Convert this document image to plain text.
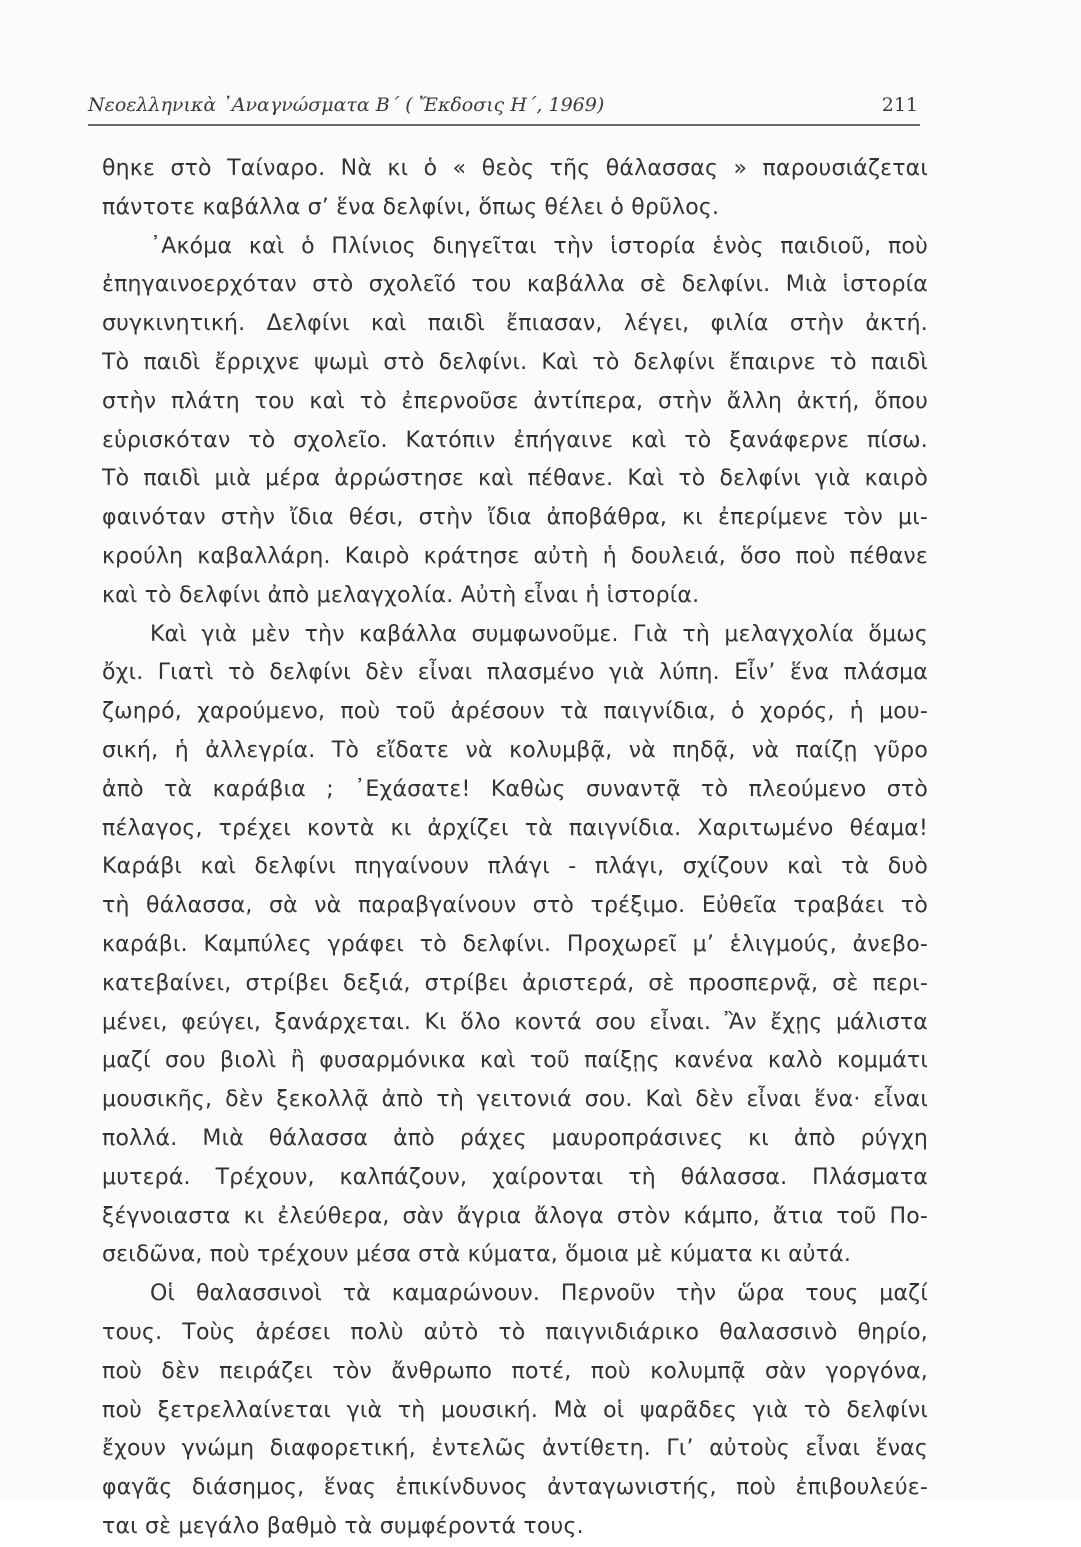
Νεοελληνικὰ ᾿Αναγνώσματα Β΄ ( Ἔκδοσις Η΄, 1969)	211
θηκε στὸ Ταίναρο. Νὰ κι ὁ « θεὸς τῆς θάλασσας » παρουσιάζεται
πάντοτε καβάλλα σ’ ἕνα δελφίνι, ὅπως θέλει ὁ θρῦλος.
᾿Ακόμα καὶ ὁ Πλίνιος διηγεῖται τὴν ἱστορία ἑνὸς παιδιοῦ, ποὺ
ἐπηγαινοερχόταν στὸ σχολεῖό του καβάλλα σὲ δελφίνι. Μιὰ ἱστορία
συγκινητική. Δελφίνι καὶ παιδὶ ἔπιασαν, λέγει, φιλία στὴν ἀκτή.
Τὸ παιδὶ ἔρριχνε ψωμὶ στὸ δελφίνι. Καὶ τὸ δελφίνι ἔπαιρνε τὸ παιδὶ
στὴν πλάτη του καὶ τὸ ἐπερνοῦσε ἀντίπερα, στὴν ἄλλη ἀκτή, ὅπου
εὑρισκόταν τὸ σχολεῖο. Κατόπιν ἐπήγαινε καὶ τὸ ξανάφερνε πίσω.
Τὸ παιδὶ μιὰ μέρα ἀρρώστησε καὶ πέθανε. Καὶ τὸ δελφίνι γιὰ καιρὸ
φαινόταν στὴν ἴδια θέσι, στὴν ἴδια ἀποβάθρα, κι ἐπερίμενε τὸν μι-
κρούλη καβαλλάρη. Καιρὸ κράτησε αὐτὴ ἡ δουλειά, ὅσο ποὺ πέθανε
καὶ τὸ δελφίνι ἀπὸ μελαγχολία. Αὐτὴ εἶναι ἡ ἱστορία.
Καὶ γιὰ μὲν τὴν καβάλλα συμφωνοῦμε. Γιὰ τὴ μελαγχολία ὅμως
ὄχι. Γιατὶ τὸ δελφίνι δὲν εἶναι πλασμένο γιὰ λύπη. Εἶν’ ἕνα πλάσμα
ζωηρό, χαρούμενο, ποὺ τοῦ ἀρέσουν τὰ παιγνίδια, ὁ χορός, ἡ μου-
σική, ἡ ἀλλεγρία. Τὸ εἴδατε νὰ κολυμβᾷ, νὰ πηδᾷ, νὰ παίζῃ γῦρο
ἀπὸ τὰ καράβια ; ᾿Εχάσατε! Καθὼς συναντᾷ τὸ πλεούμενο στὸ
πέλαγος, τρέχει κοντὰ κι ἀρχίζει τὰ παιγνίδια. Χαριτωμένο θέαμα!
Καράβι καὶ δελφίνι πηγαίνουν πλάγι - πλάγι, σχίζουν καὶ τὰ δυὸ
τὴ θάλασσα, σὰ νὰ παραβγαίνουν στὸ τρέξιμο. Εὐθεῖα τραβάει τὸ
καράβι. Καμπύλες γράφει τὸ δελφίνι. Προχωρεῖ μ’ ἑλιγμούς, ἀνεβο-
κατεβαίνει, στρίβει δεξιά, στρίβει ἀριστερά, σὲ προσπερνᾷ, σὲ περι-
μένει, φεύγει, ξανάρχεται. Κι ὅλο κοντά σου εἶναι. Ἂν ἔχῃς μάλιστα
μαζί σου βιολὶ ἢ φυσαρμόνικα καὶ τοῦ παίξῃς κανένα καλὸ κομμάτι
μουσικῆς, δὲν ξεκολλᾷ ἀπὸ τὴ γειτονιά σου. Καὶ δὲν εἶναι ἕνα· εἶναι
πολλά. Μιὰ θάλασσα ἀπὸ ράχες μαυροπράσινες κι ἀπὸ ρύγχη
μυτερά. Τρέχουν, καλπάζουν, χαίρονται τὴ θάλασσα. Πλάσματα
ξέγνοιαστα κι ἐλεύθερα, σὰν ἄγρια ἄλογα στὸν κάμπο, ἄτια τοῦ Πο-
σειδῶνα, ποὺ τρέχουν μέσα στὰ κύματα, ὅμοια μὲ κύματα κι αὐτά.
Οἱ θαλασσινοὶ τὰ καμαρώνουν. Περνοῦν τὴν ὥρα τους μαζί
τους. Τοὺς ἀρέσει πολὺ αὐτὸ τὸ παιγνιδιάρικο θαλασσινὸ θηρίο,
ποὺ δὲν πειράζει τὸν ἄνθρωπο ποτέ, ποὺ κολυμπᾷ σὰν γοργόνα,
ποὺ ξετρελλαίνεται γιὰ τὴ μουσική. Μὰ οἱ ψαρᾶδες γιὰ τὸ δελφίνι
ἔχουν γνώμη διαφορετική, ἐντελῶς ἀντίθετη. Γι’ αὐτοὺς εἶναι ἕνας
φαγᾶς διάσημος, ἕνας ἐπικίνδυνος ἀνταγωνιστής, ποὺ ἐπιβουλεύε-
ται σὲ μεγάλο βαθμὸ τὰ συμφέροντά τους.
